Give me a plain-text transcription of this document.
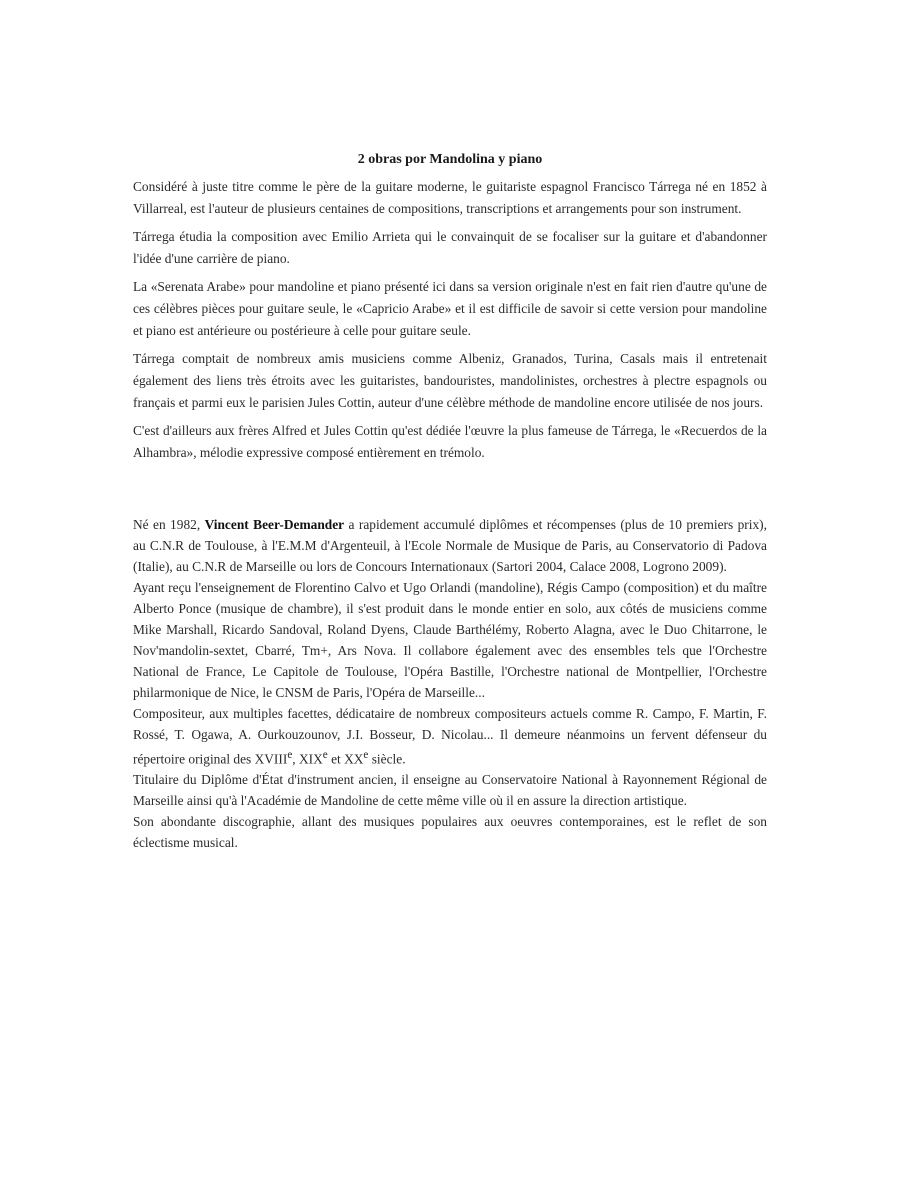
2 obras por Mandolina y piano

Considéré à juste titre comme le père de la guitare moderne, le guitariste espagnol Francisco Tárrega né en 1852 à Villarreal, est l'auteur de plusieurs centaines de compositions, transcriptions et arrangements pour son instrument.

Tárrega étudia la composition avec Emilio Arrieta qui le convainquit de se focaliser sur la guitare et d'abandonner l'idée d'une carrière de piano.

La «Serenata Arabe» pour mandoline et piano présenté ici dans sa version originale n'est en fait rien d'autre qu'une de ces célèbres pièces pour guitare seule, le «Capricio Arabe» et il est difficile de savoir si cette version pour mandoline et piano est antérieure ou postérieure à celle pour guitare seule.

Tárrega comptait de nombreux amis musiciens comme Albeniz, Granados, Turina, Casals mais il entretenait également des liens très étroits avec les guitaristes, bandouristes, mandolinistes, orchestres à plectre espagnols ou français et parmi eux le parisien Jules Cottin, auteur d'une célèbre méthode de mandoline encore utilisée de nos jours.

C'est d'ailleurs aux frères Alfred et Jules Cottin qu'est dédiée l'œuvre la plus fameuse de Tárrega, le «Recuerdos de la Alhambra», mélodie expressive composé entièrement en trémolo.

Né en 1982, Vincent Beer-Demander a rapidement accumulé diplômes et récompenses (plus de 10 premiers prix), au C.N.R de Toulouse, à l'E.M.M d'Argenteuil, à l'Ecole Normale de Musique de Paris, au Conservatorio di Padova (Italie), au C.N.R de Marseille ou lors de Concours Internationaux (Sartori 2004, Calace 2008, Logrono 2009).

Ayant reçu l'enseignement de Florentino Calvo et Ugo Orlandi (mandoline), Régis Campo (composition) et du maître Alberto Ponce (musique de chambre), il s'est produit dans le monde entier en solo, aux côtés de musiciens comme Mike Marshall, Ricardo Sandoval, Roland Dyens, Claude Barthélémy, Roberto Alagna, avec le Duo Chitarrone, le Nov'mandolin-sextet, Cbarré, Tm+, Ars Nova. Il collabore également avec des ensembles tels que l'Orchestre National de France, Le Capitole de Toulouse, l'Opéra Bastille, l'Orchestre national de Montpellier, l'Orchestre philarmonique de Nice, le CNSM de Paris, l'Opéra de Marseille...

Compositeur, aux multiples facettes, dédicataire de nombreux compositeurs actuels comme R. Campo, F. Martin, F. Rossé, T. Ogawa, A. Ourkouzounov, J.I. Bosseur, D. Nicolau... Il demeure néanmoins un fervent défenseur du répertoire original des XVIIIe, XIXe et XXe siècle.

Titulaire du Diplôme d'État d'instrument ancien, il enseigne au Conservatoire National à Rayonnement Régional de Marseille ainsi qu'à l'Académie de Mandoline de cette même ville où il en assure la direction artistique.

Son abondante discographie, allant des musiques populaires aux oeuvres contemporaines, est le reflet de son éclectisme musical.
